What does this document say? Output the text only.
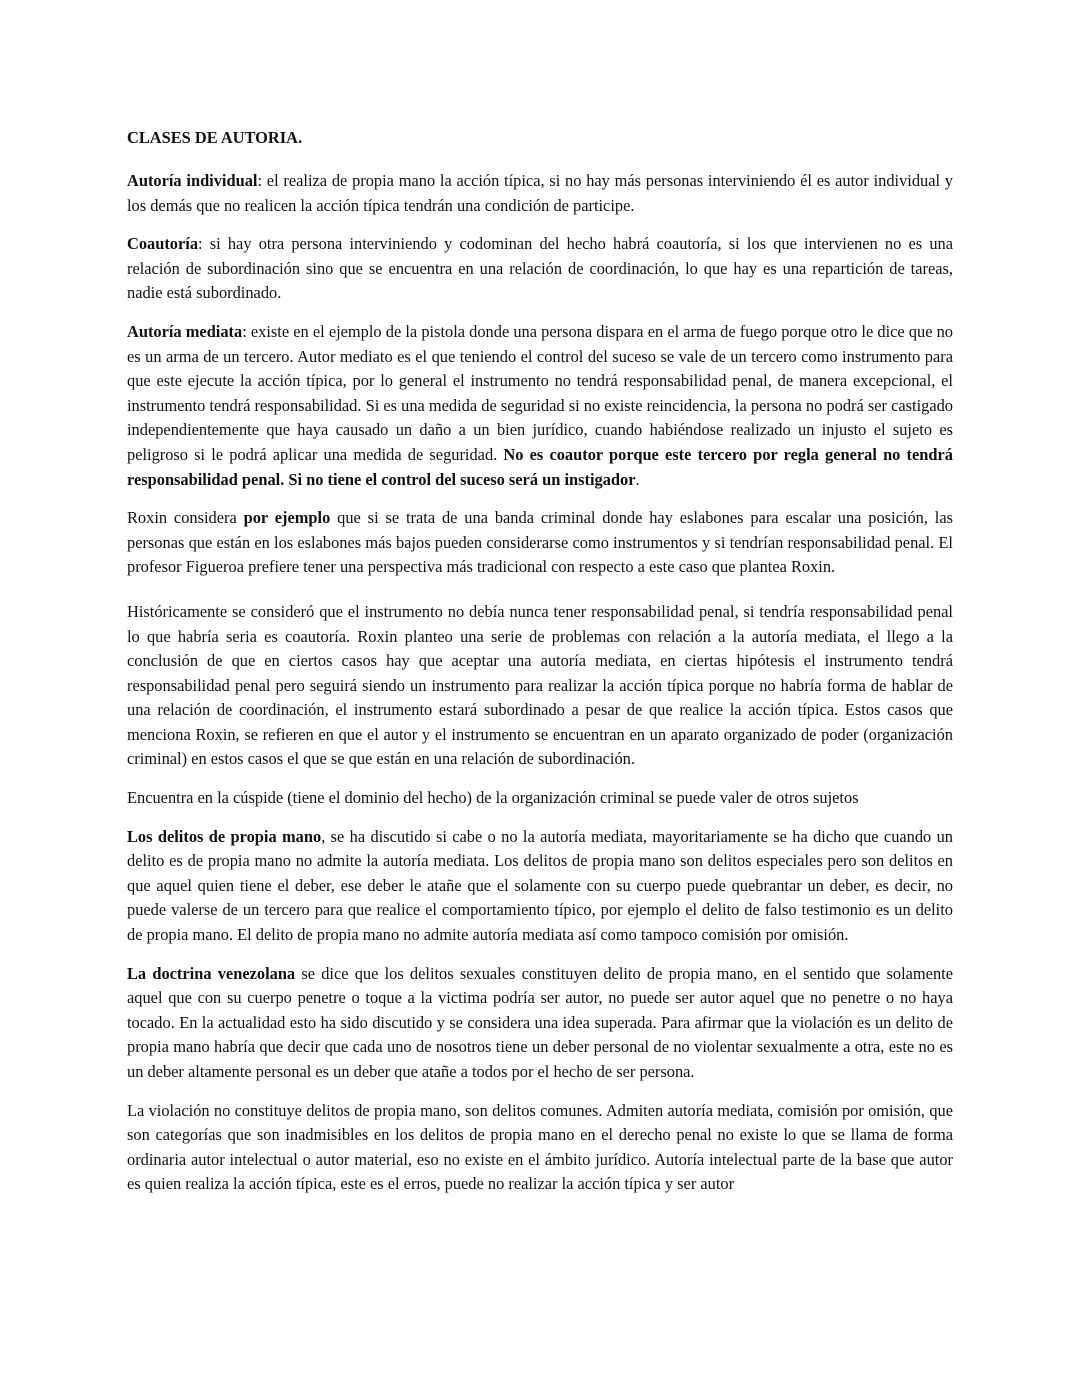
CLASES DE AUTORIA.

Autoría individual: el realiza de propia mano la acción típica, si no hay más personas interviniendo él es autor individual y los demás que no realicen la acción típica tendrán una condición de participe.

Coautoría: si hay otra persona interviniendo y codominan del hecho habrá coautoría, si los que intervienen no es una relación de subordinación sino que se encuentra en una relación de coordinación, lo que hay es una repartición de tareas, nadie está subordinado.

Autoría mediata: existe en el ejemplo de la pistola donde una persona dispara en el arma de fuego porque otro le dice que no es un arma de un tercero. Autor mediato es el que teniendo el control del suceso se vale de un tercero como instrumento para que este ejecute la acción típica, por lo general el instrumento no tendrá responsabilidad penal, de manera excepcional, el instrumento tendrá responsabilidad. Si es una medida de seguridad si no existe reincidencia, la persona no podrá ser castigado independientemente que haya causado un daño a un bien jurídico, cuando habiéndose realizado un injusto el sujeto es peligroso si le podrá aplicar una medida de seguridad. No es coautor porque este tercero por regla general no tendrá responsabilidad penal. Si no tiene el control del suceso será un instigador.

Roxin considera por ejemplo que si se trata de una banda criminal donde hay eslabones para escalar una posición, las personas que están en los eslabones más bajos pueden considerarse como instrumentos y si tendrían responsabilidad penal. El profesor Figueroa prefiere tener una perspectiva más tradicional con respecto a este caso que plantea Roxin.

Históricamente se consideró que el instrumento no debía nunca tener responsabilidad penal, si tendría responsabilidad penal lo que habría seria es coautoría. Roxin planteo una serie de problemas con relación a la autoría mediata, el llego a la conclusión de que en ciertos casos hay que aceptar una autoría mediata, en ciertas hipótesis el instrumento tendrá responsabilidad penal pero seguirá siendo un instrumento para realizar la acción típica porque no habría forma de hablar de una relación de coordinación, el instrumento estará subordinado a pesar de que realice la acción típica. Estos casos que menciona Roxin, se refieren en que el autor y el instrumento se encuentran en un aparato organizado de poder (organización criminal) en estos casos el que se que están en una relación de subordinación.

Encuentra en la cúspide (tiene el dominio del hecho) de la organización criminal se puede valer de otros sujetos

Los delitos de propia mano, se ha discutido si cabe o no la autoría mediata, mayoritariamente se ha dicho que cuando un delito es de propia mano no admite la autoría mediata. Los delitos de propia mano son delitos especiales pero son delitos en que aquel quien tiene el deber, ese deber le atañe que el solamente con su cuerpo puede quebrantar un deber, es decir, no puede valerse de un tercero para que realice el comportamiento típico, por ejemplo el delito de falso testimonio es un delito de propia mano. El delito de propia mano no admite autoría mediata así como tampoco comisión por omisión.

La doctrina venezolana se dice que los delitos sexuales constituyen delito de propia mano, en el sentido que solamente aquel que con su cuerpo penetre o toque a la victima podría ser autor, no puede ser autor aquel que no penetre o no haya tocado. En la actualidad esto ha sido discutido y se considera una idea superada. Para afirmar que la violación es un delito de propia mano habría que decir que cada uno de nosotros tiene un deber personal de no violentar sexualmente a otra, este no es un deber altamente personal es un deber que atañe a todos por el hecho de ser persona.

La violación no constituye delitos de propia mano, son delitos comunes. Admiten autoría mediata, comisión por omisión, que son categorías que son inadmisibles en los delitos de propia mano en el derecho penal no existe lo que se llama de forma ordinaria autor intelectual o autor material, eso no existe en el ámbito jurídico. Autoría intelectual parte de la base que autor es quien realiza la acción típica, este es el erros, puede no realizar la acción típica y ser autor
